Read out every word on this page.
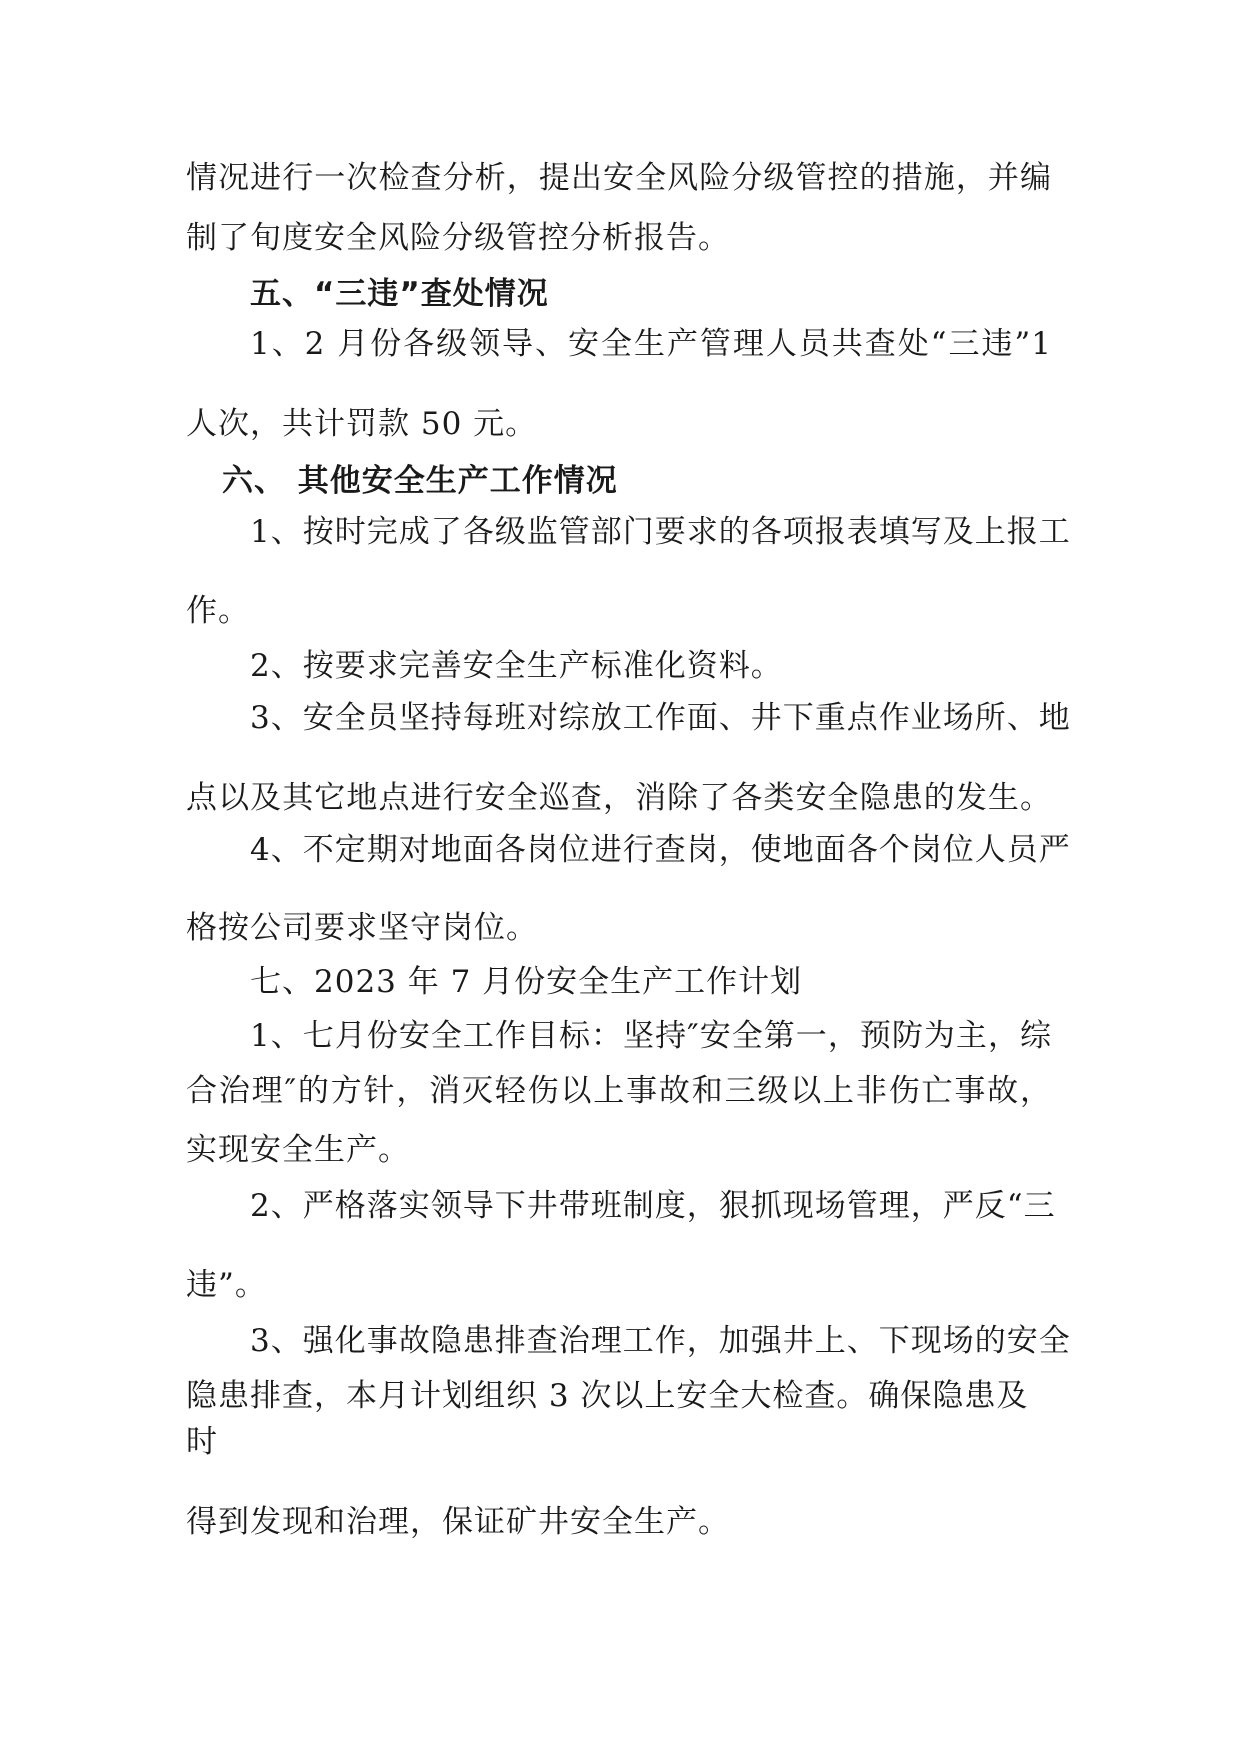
情况进行一次检查分析，提出安全风险分级管控的措施，并编
制了旬度安全风险分级管控分析报告。
五、“三违”查处情况
1、2 月份各级领导、安全生产管理人员共查处“三违”1
人次，共计罚款 50 元。
六、 其他安全生产工作情况
1、按时完成了各级监管部门要求的各项报表填写及上报工
作。
2、按要求完善安全生产标准化资料。
3、安全员坚持每班对综放工作面、井下重点作业场所、地
点以及其它地点进行安全巡查，消除了各类安全隐患的发生。
4、不定期对地面各岗位进行查岗，使地面各个岗位人员严
格按公司要求坚守岗位。
七、2023 年 7 月份安全生产工作计划
1、七月份安全工作目标：坚持″安全第一，预防为主，综
合治理″的方针，消灭轻伤以上事故和三级以上非伤亡事故，
实现安全生产。
2、严格落实领导下井带班制度，狠抓现场管理，严反“三
违”。
3、强化事故隐患排查治理工作，加强井上、下现场的安全
隐患排查，本月计划组织 3 次以上安全大检查。确保隐患及
时
得到发现和治理，保证矿井安全生产。
